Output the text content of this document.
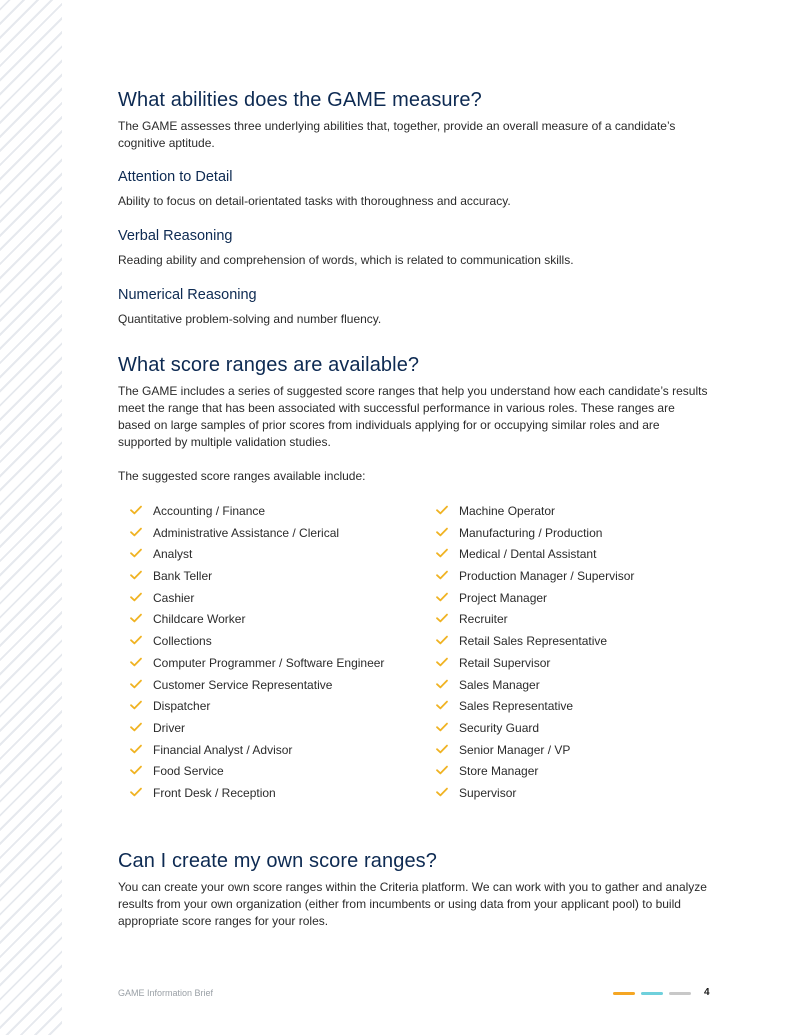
What abilities does the GAME measure?

The GAME assesses three underlying abilities that, together, provide an overall measure of a candidate’s cognitive aptitude.

Attention to Detail

Ability to focus on detail-orientated tasks with thoroughness and accuracy.

Verbal Reasoning

Reading ability and comprehension of words, which is related to communication skills.

Numerical Reasoning

Quantitative problem-solving and number fluency.

What score ranges are available?

The GAME includes a series of suggested score ranges that help you understand how each candidate’s results meet the range that has been associated with successful performance in various roles. These ranges are based on large samples of prior scores from individuals applying for or occupying similar roles and are supported by multiple validation studies.

The suggested score ranges available include:

Accounting / Finance
Administrative Assistance / Clerical
Analyst
Bank Teller
Cashier
Childcare Worker
Collections
Computer Programmer / Software Engineer
Customer Service Representative
Dispatcher
Driver
Financial Analyst / Advisor
Food Service
Front Desk / Reception
Machine Operator
Manufacturing / Production
Medical / Dental Assistant
Production Manager / Supervisor
Project Manager
Recruiter
Retail Sales Representative
Retail Supervisor
Sales Manager
Sales Representative
Security Guard
Senior Manager / VP
Store Manager
Supervisor
Can I create my own score ranges?

You can create your own score ranges within the Criteria platform. We can work with you to gather and analyze results from your own organization (either from incumbents or using data from your applicant pool) to build appropriate score ranges for your roles.

GAME Information Brief	4
